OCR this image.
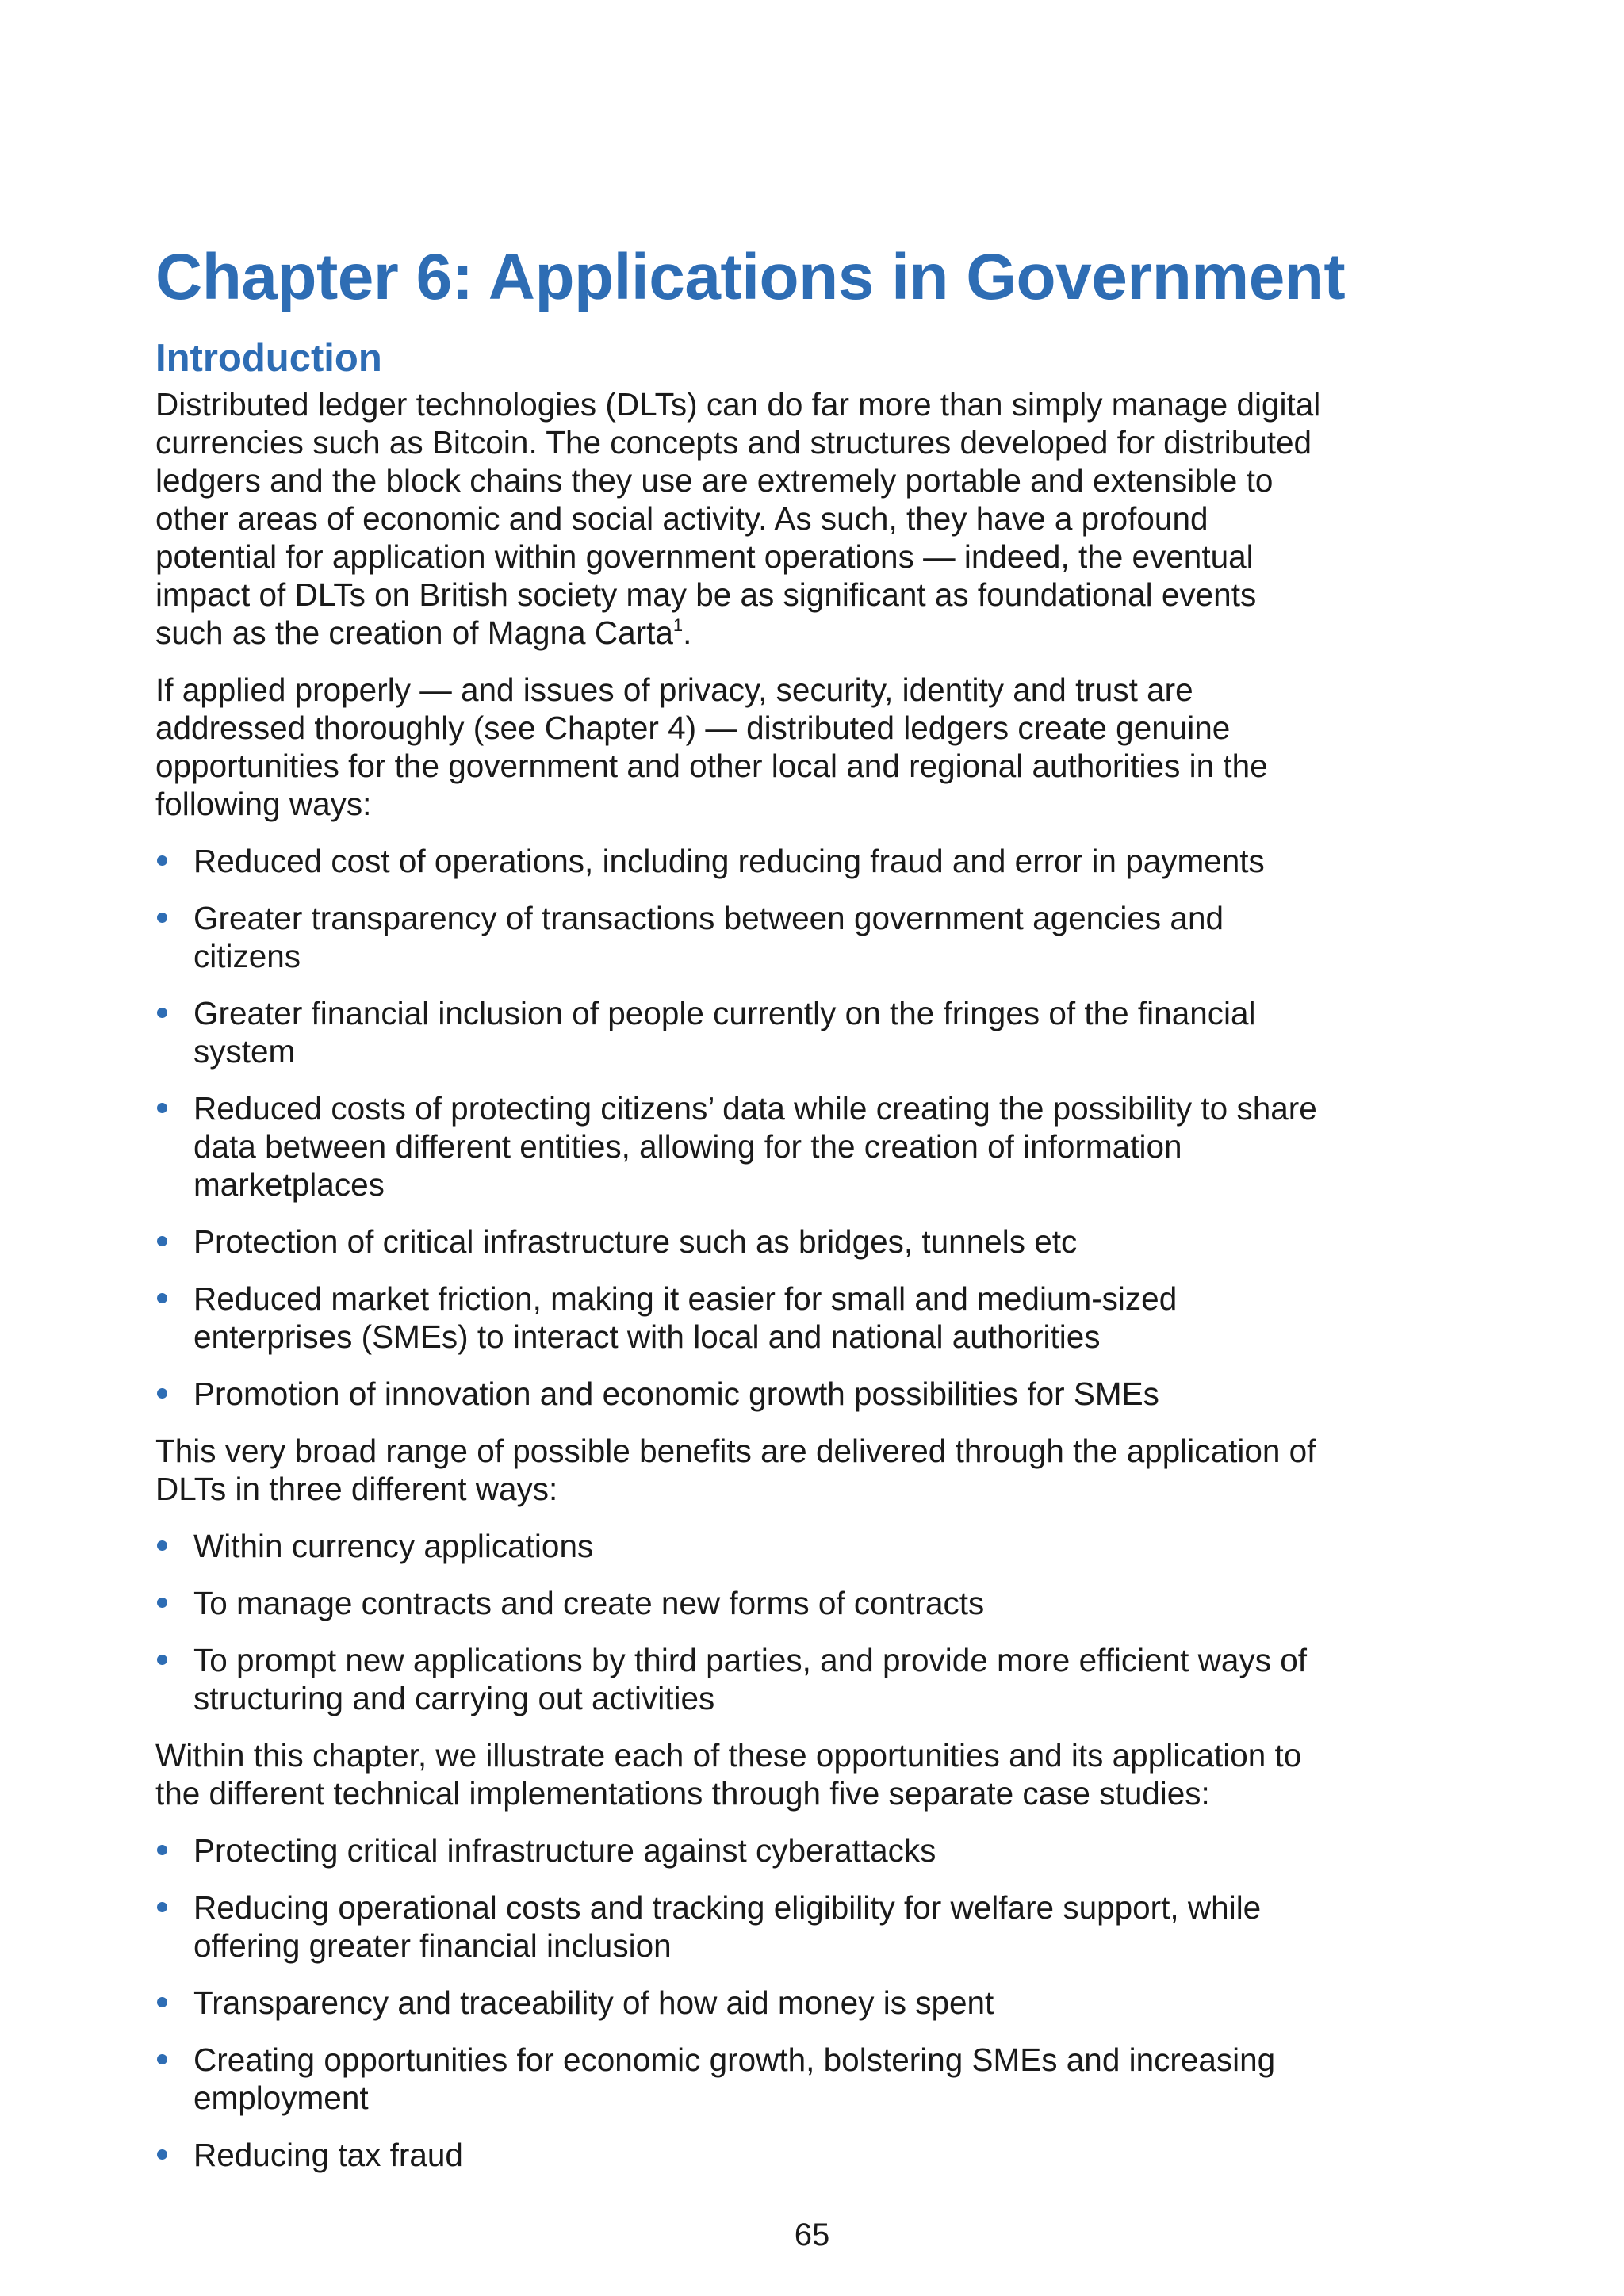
Chapter 6: Applications in Government
Introduction

Distributed ledger technologies (DLTs) can do far more than simply manage digital currencies such as Bitcoin. The concepts and structures developed for distributed ledgers and the block chains they use are extremely portable and extensible to other areas of economic and social activity. As such, they have a profound potential for application within government operations — indeed, the eventual impact of DLTs on British society may be as significant as foundational events such as the creation of Magna Carta$^1$.

If applied properly — and issues of privacy, security, identity and trust are addressed thoroughly (see Chapter 4) — distributed ledgers create genuine opportunities for the government and other local and regional authorities in the following ways:

Reduced cost of operations, including reducing fraud and error in payments
Greater transparency of transactions between government agencies and citizens
Greater financial inclusion of people currently on the fringes of the financial system
Reduced costs of protecting citizens’ data while creating the possibility to share data between different entities, allowing for the creation of information marketplaces
Protection of critical infrastructure such as bridges, tunnels etc
Reduced market friction, making it easier for small and medium-sized enterprises (SMEs) to interact with local and national authorities
Promotion of innovation and economic growth possibilities for SMEs

This very broad range of possible benefits are delivered through the application of DLTs in three different ways:

Within currency applications
To manage contracts and create new forms of contracts
To prompt new applications by third parties, and provide more efficient ways of structuring and carrying out activities

Within this chapter, we illustrate each of these opportunities and its application to the different technical implementations through five separate case studies:

Protecting critical infrastructure against cyberattacks
Reducing operational costs and tracking eligibility for welfare support, while offering greater financial inclusion
Transparency and traceability of how aid money is spent
Creating opportunities for economic growth, bolstering SMEs and increasing employment
Reducing tax fraud
65
